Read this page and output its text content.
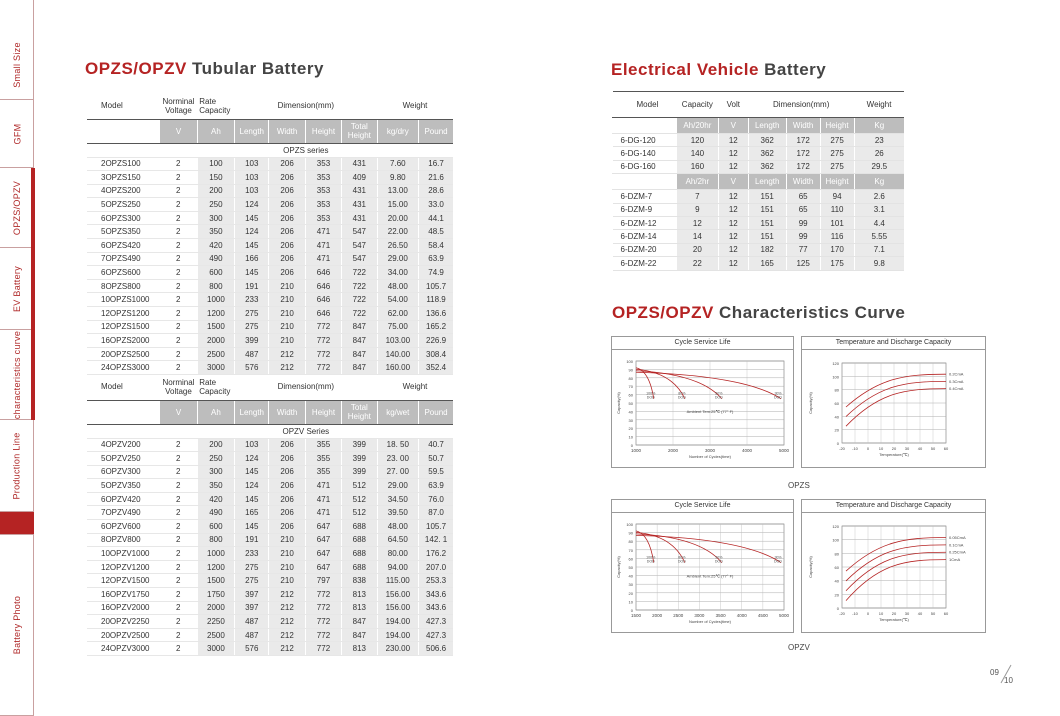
Small Size
GFM
OPZS/OPZV
EV Battery
characteristics curve
Production Line
Battery Photo
OPZS/OPZV Tubular Battery
Model	Norminal Voltage	Rate Capacity	Dimension(mm)				Weight	
	V	Ah	Length	Width	Height	Total Height	kg/dry	Pound
			OPZS series					
2OPZS100	2	100	103	206	353	431	7.60	16.7
3OPZS150	2	150	103	206	353	409	9.80	21.6
4OPZS200	2	200	103	206	353	431	13.00	28.6
5OPZS250	2	250	124	206	353	431	15.00	33.0
6OPZS300	2	300	145	206	353	431	20.00	44.1
5OPZS350	2	350	124	206	471	547	22.00	48.5
6OPZS420	2	420	145	206	471	547	26.50	58.4
7OPZS490	2	490	166	206	471	547	29.00	63.9
6OPZS600	2	600	145	206	646	722	34.00	74.9
8OPZS800	2	800	191	210	646	722	48.00	105.7
10OPZS1000	2	1000	233	210	646	722	54.00	118.9
12OPZS1200	2	1200	275	210	646	722	62.00	136.6
12OPZS1500	2	1500	275	210	772	847	75.00	165.2
16OPZS2000	2	2000	399	210	772	847	103.00	226.9
20OPZS2500	2	2500	487	212	772	847	140.00	308.4
24OPZS3000	2	3000	576	212	772	847	160.00	352.4
Model	Norminal Voltage	Rate Capacity	Dimension(mm)				Weight	
	V	Ah	Length	Width	Height	Total Height	kg/wet	Pound
			OPZV Series					
4OPZV200	2	200	103	206	355	399	18. 50	40.7
5OPZV250	2	250	124	206	355	399	23. 00	50.7
6OPZV300	2	300	145	206	355	399	27. 00	59.5
5OPZV350	2	350	124	206	471	512	29.00	63.9
6OPZV420	2	420	145	206	471	512	34.50	76.0
7OPZV490	2	490	165	206	471	512	39.50	87.0
6OPZV600	2	600	145	206	647	688	48.00	105.7
8OPZV800	2	800	191	210	647	688	64.50	142. 1
10OPZV1000	2	1000	233	210	647	688	80.00	176.2
12OPZV1200	2	1200	275	210	647	688	94.00	207.0
12OPZV1500	2	1500	275	210	797	838	115.00	253.3
16OPZV1750	2	1750	397	212	772	813	156.00	343.6
16OPZV2000	2	2000	397	212	772	813	156.00	343.6
20OPZV2250	2	2250	487	212	772	847	194.00	427.3
20OPZV2500	2	2500	487	212	772	847	194.00	427.3
24OPZV3000	2	3000	576	212	772	813	230.00	506.6
Electrical Vehicle Battery
Model	Capacity	Volt	Dimension(mm)			Weight
	Ah/20hr	V	Length	Width	Height	Kg
6-DG-120	120	12	362	172	275	23
6-DG-140	140	12	362	172	275	26
6-DG-160	160	12	362	172	275	29.5
	Ah/2hr	V	Length	Width	Height	Kg
6-DZM-7	7	12	151	65	94	2.6
6-DZM-9	9	12	151	65	110	3.1
6-DZM-12	12	12	151	99	101	4.4
6-DZM-14	14	12	151	99	116	5.55
6-DZM-20	20	12	182	77	170	7.1
6-DZM-22	22	12	165	125	175	9.8
OPZS/OPZV Characteristics Curve
Cycle Service Life
100
90
80
70
60
50
40
30
20
10
0
1000	2000	3000	4000	5000
Capacity(%)
Number of Cycles(time)
Ambient Tem:25℃ (77° F)
100%
DOD
80%
DOD
50%
DOD
30%
DOD
Temperature and Discharge Capacity
120
100
80
60
40
20
0
-20 -10 0 10 20 30 40 50 60
Capacity(%)
Temperature(℃)
0.2CmA
0.3CmA
0.4CmA
OPZS
Cycle Service Life
100
90
80
70
60
50
40
30
20
10
0
1500 2000 2500 3000 3500 4000 4500 5000
Capacity(%)
Number of Cycles(time)
Ambient Tem:25℃ (77° F)
100%
DOD
80%
DOD
50%
DOD
30%
DOD
Temperature and Discharge Capacity
120
100
80
60
40
20
0
-20 -10 0 10 20 30 40 50 60
Capacity(%)
Temperature(℃)
0.05CmA
0.1CmA
0.25CmA
1CmA
OPZV
09
10
